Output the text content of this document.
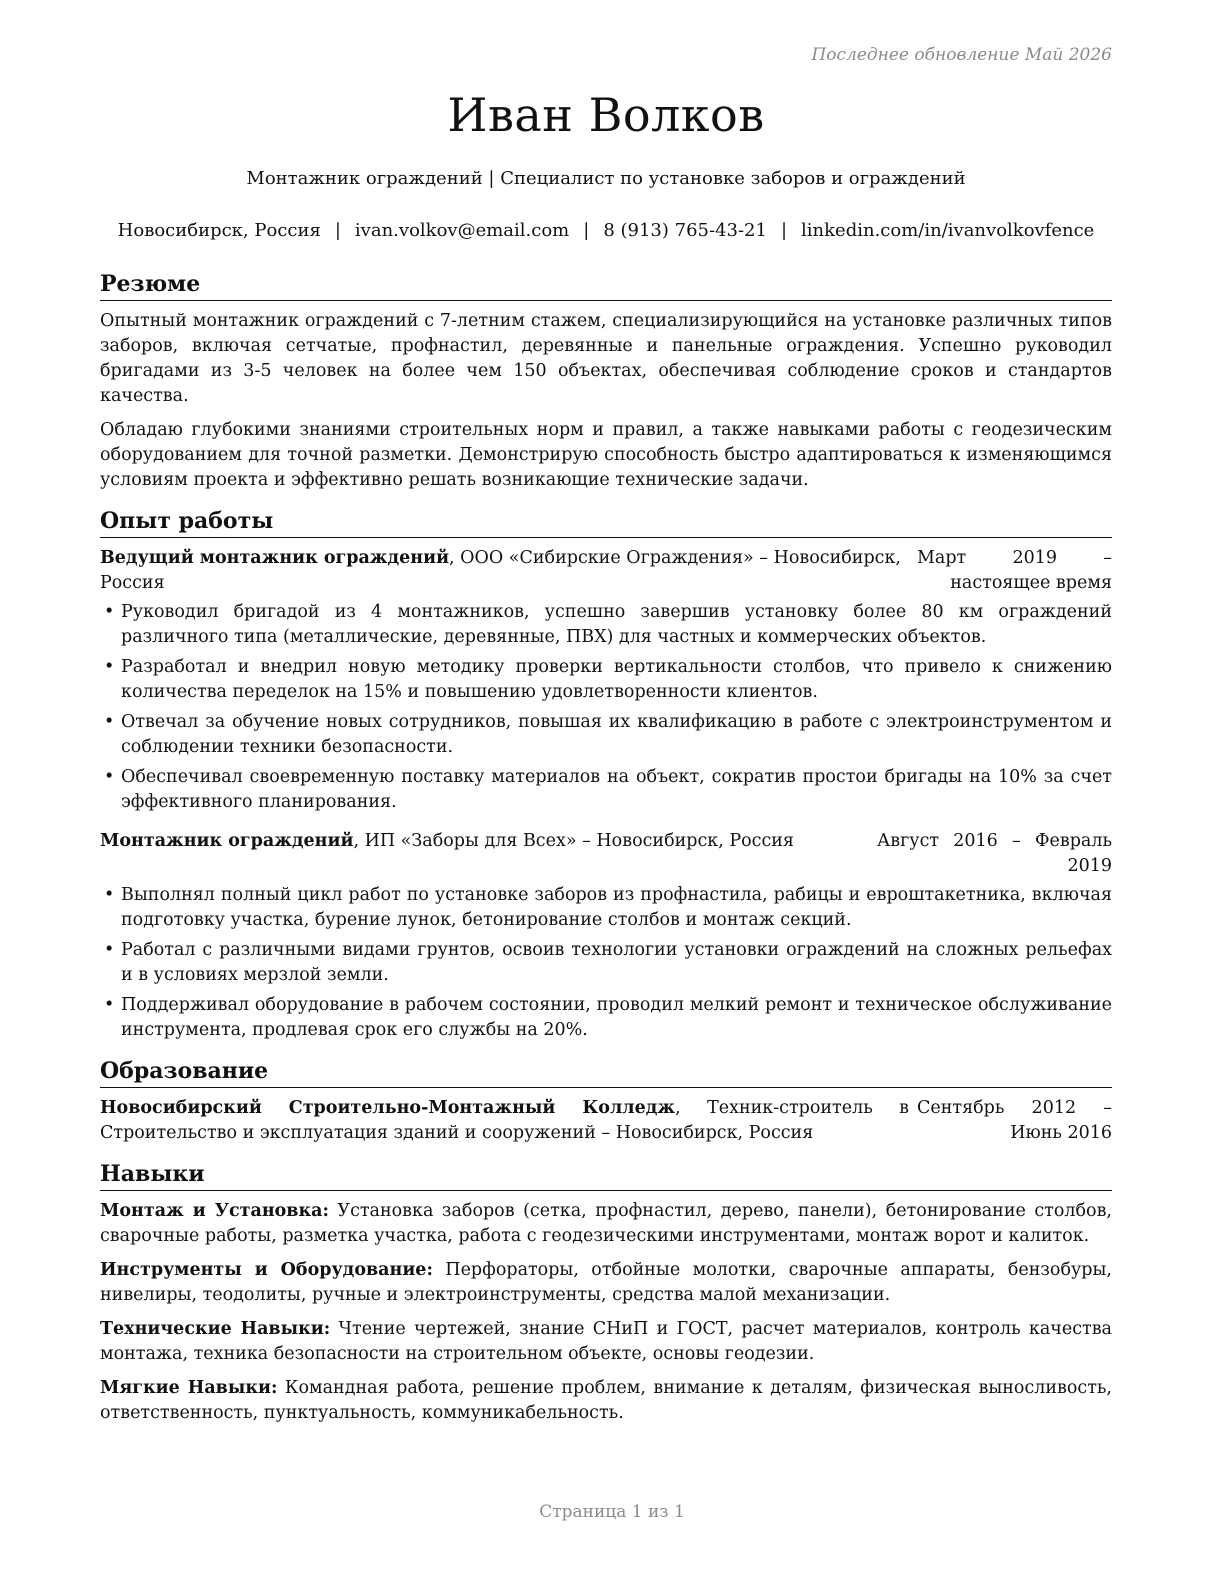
Последнее обновление Май 2026
Иван Волков
Монтажник ограждений | Специалист по установке заборов и ограждений
Новосибирск, Россия | ivan.volkov@email.com | 8 (913) 765-43-21 | linkedin.com/in/ivanvolkovfence
Резюме

Опытный монтажник ограждений с 7-летним стажем, специализирующийся на установке различных типов заборов, включая сетчатые, профнастил, деревянные и панельные ограждения. Успешно руководил бригадами из 3-5 человек на более чем 150 объектах, обеспечивая соблюдение сроков и стандартов качества.

Обладаю глубокими знаниями строительных норм и правил, а также навыками работы с геодезическим оборудованием для точной разметки. Демонстрирую способность быстро адаптироваться к изменяющимся условиям проекта и эффективно решать возникающие технические задачи.

Опыт работы
Ведущий монтажник ограждений, ООО «Сибирские Ограждения» – Новосибирск, Россия
Март 2019 – настоящее время
• Руководил бригадой из 4 монтажников, успешно завершив установку более 80 км ограждений различного типа (металлические, деревянные, ПВХ) для частных и коммерческих объектов.
• Разработал и внедрил новую методику проверки вертикальности столбов, что привело к снижению количества переделок на 15% и повышению удовлетворенности клиентов.
• Отвечал за обучение новых сотрудников, повышая их квалификацию в работе с электроинструментом и соблюдении техники безопасности.
• Обеспечивал своевременную поставку материалов на объект, сократив простои бригады на 10% за счет эффективного планирования.
Монтажник ограждений, ИП «Заборы для Всех» – Новосибирск, Россия	Август 2016 – Февраль 2019
• Выполнял полный цикл работ по установке заборов из профнастила, рабицы и евроштакетника, включая подготовку участка, бурение лунок, бетонирование столбов и монтаж секций.
• Работал с различными видами грунтов, освоив технологии установки ограждений на сложных рельефах и в условиях мерзлой земли.
• Поддерживал оборудование в рабочем состоянии, проводил мелкий ремонт и техническое обслуживание инструмента, продлевая срок его службы на 20%.
Образование
Новосибирский Строительно-Монтажный Колледж, Техник-строитель в Строительство и эксплуатация зданий и сооружений – Новосибирск, Россия
Сентябрь 2012 – Июнь 2016
Навыки

Монтаж и Установка: Установка заборов (сетка, профнастил, дерево, панели), бетонирование столбов, сварочные работы, разметка участка, работа с геодезическими инструментами, монтаж ворот и калиток.

Инструменты и Оборудование: Перфораторы, отбойные молотки, сварочные аппараты, бензобуры, нивелиры, теодолиты, ручные и электроинструменты, средства малой механизации.

Технические Навыки: Чтение чертежей, знание СНиП и ГОСТ, расчет материалов, контроль качества монтажа, техника безопасности на строительном объекте, основы геодезии.

Мягкие Навыки: Командная работа, решение проблем, внимание к деталям, физическая выносливость, ответственность, пунктуальность, коммуникабельность.

Страница 1 из 1
